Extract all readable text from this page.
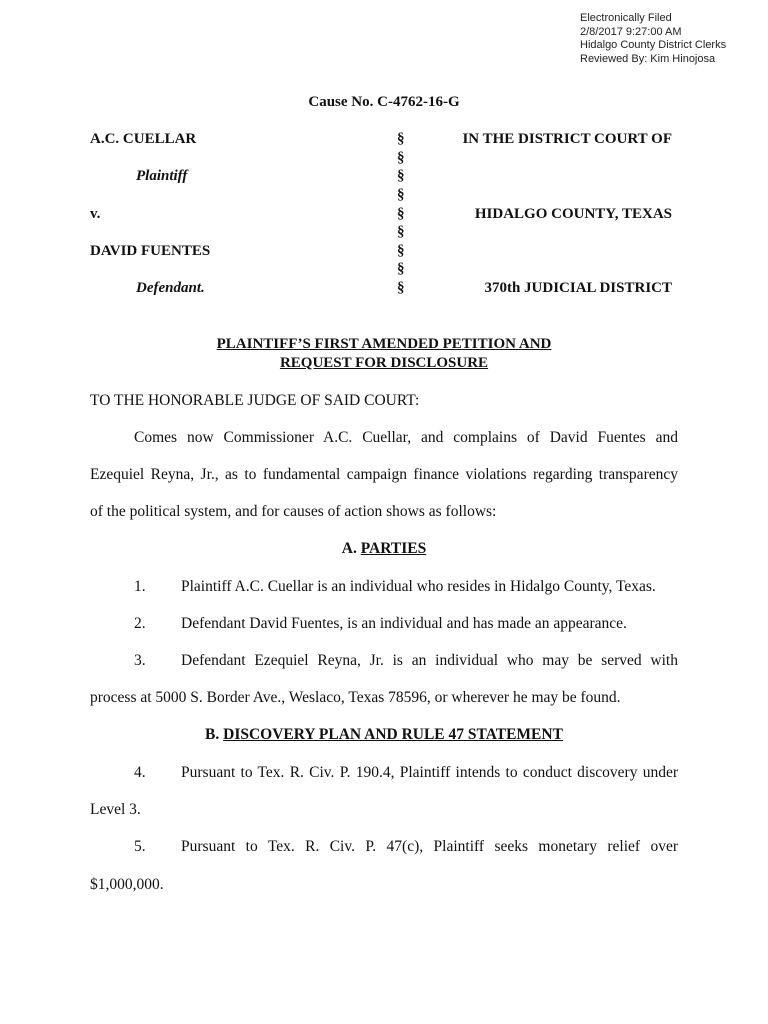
Electronically Filed
2/8/2017 9:27:00 AM
Hidalgo County District Clerks
Reviewed By: Kim Hinojosa
Cause No. C-4762-16-G
A.C. CUELLAR
Plaintiff
v.
DAVID FUENTES
Defendant.
§
§
§
§
§
§
§
§
§
IN THE DISTRICT COURT OF
HIDALGO COUNTY, TEXAS
370th JUDICIAL DISTRICT
PLAINTIFF’S FIRST AMENDED PETITION AND
REQUEST FOR DISCLOSURE
TO THE HONORABLE JUDGE OF SAID COURT:
Comes now Commissioner A.C. Cuellar, and complains of David Fuentes and
Ezequiel Reyna, Jr., as to fundamental campaign finance violations regarding transparency
of the political system, and for causes of action shows as follows:
A. PARTIES
1. Plaintiff A.C. Cuellar is an individual who resides in Hidalgo County, Texas.
2. Defendant David Fuentes, is an individual and has made an appearance.
3. Defendant Ezequiel Reyna, Jr. is an individual who may be served with
process at 5000 S. Border Ave., Weslaco, Texas 78596, or wherever he may be found.
B. DISCOVERY PLAN AND RULE 47 STATEMENT
4. Pursuant to Tex. R. Civ. P. 190.4, Plaintiff intends to conduct discovery under
Level 3.
5. Pursuant to Tex. R. Civ. P. 47(c), Plaintiff seeks monetary relief over
$1,000,000.
